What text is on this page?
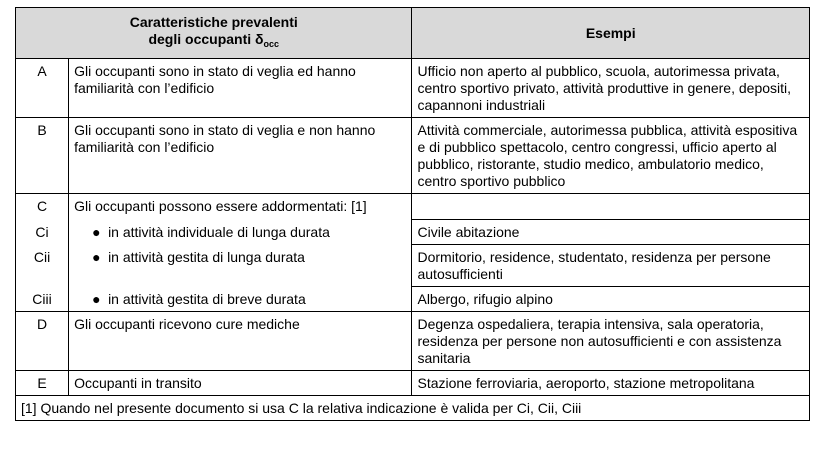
Caratteristiche prevalenti
degli occupanti $\delta_{occ}$		Esempi
A	Gli occupanti sono in stato di veglia ed hanno familiarità con l’edificio	Ufficio non aperto al pubblico, scuola, autorimessa privata, centro sportivo privato, attività produttive in genere, depositi, capannoni industriali
B	Gli occupanti sono in stato di veglia e non hanno familiarità con l’edificio	Attività commerciale, autorimessa pubblica, attività espositiva e di pubblico spettacolo, centro congressi, ufficio aperto al pubblico, ristorante, studio medico, ambulatorio medico, centro sportivo pubblico
C	Gli occupanti possono essere addormentati: [1]	
Ci	● in attività individuale di lunga durata	Civile abitazione
Cii	● in attività gestita di lunga durata	Dormitorio, residence, studentato, residenza per persone autosufficienti
Ciii	● in attività gestita di breve durata	Albergo, rifugio alpino
D	Gli occupanti ricevono cure mediche	Degenza ospedaliera, terapia intensiva, sala operatoria, residenza per persone non autosufficienti e con assistenza sanitaria
E	Occupanti in transito	Stazione ferroviaria, aeroporto, stazione metropolitana
[1] Quando nel presente documento si usa C la relativa indicazione è valida per Ci, Cii, Ciii		
